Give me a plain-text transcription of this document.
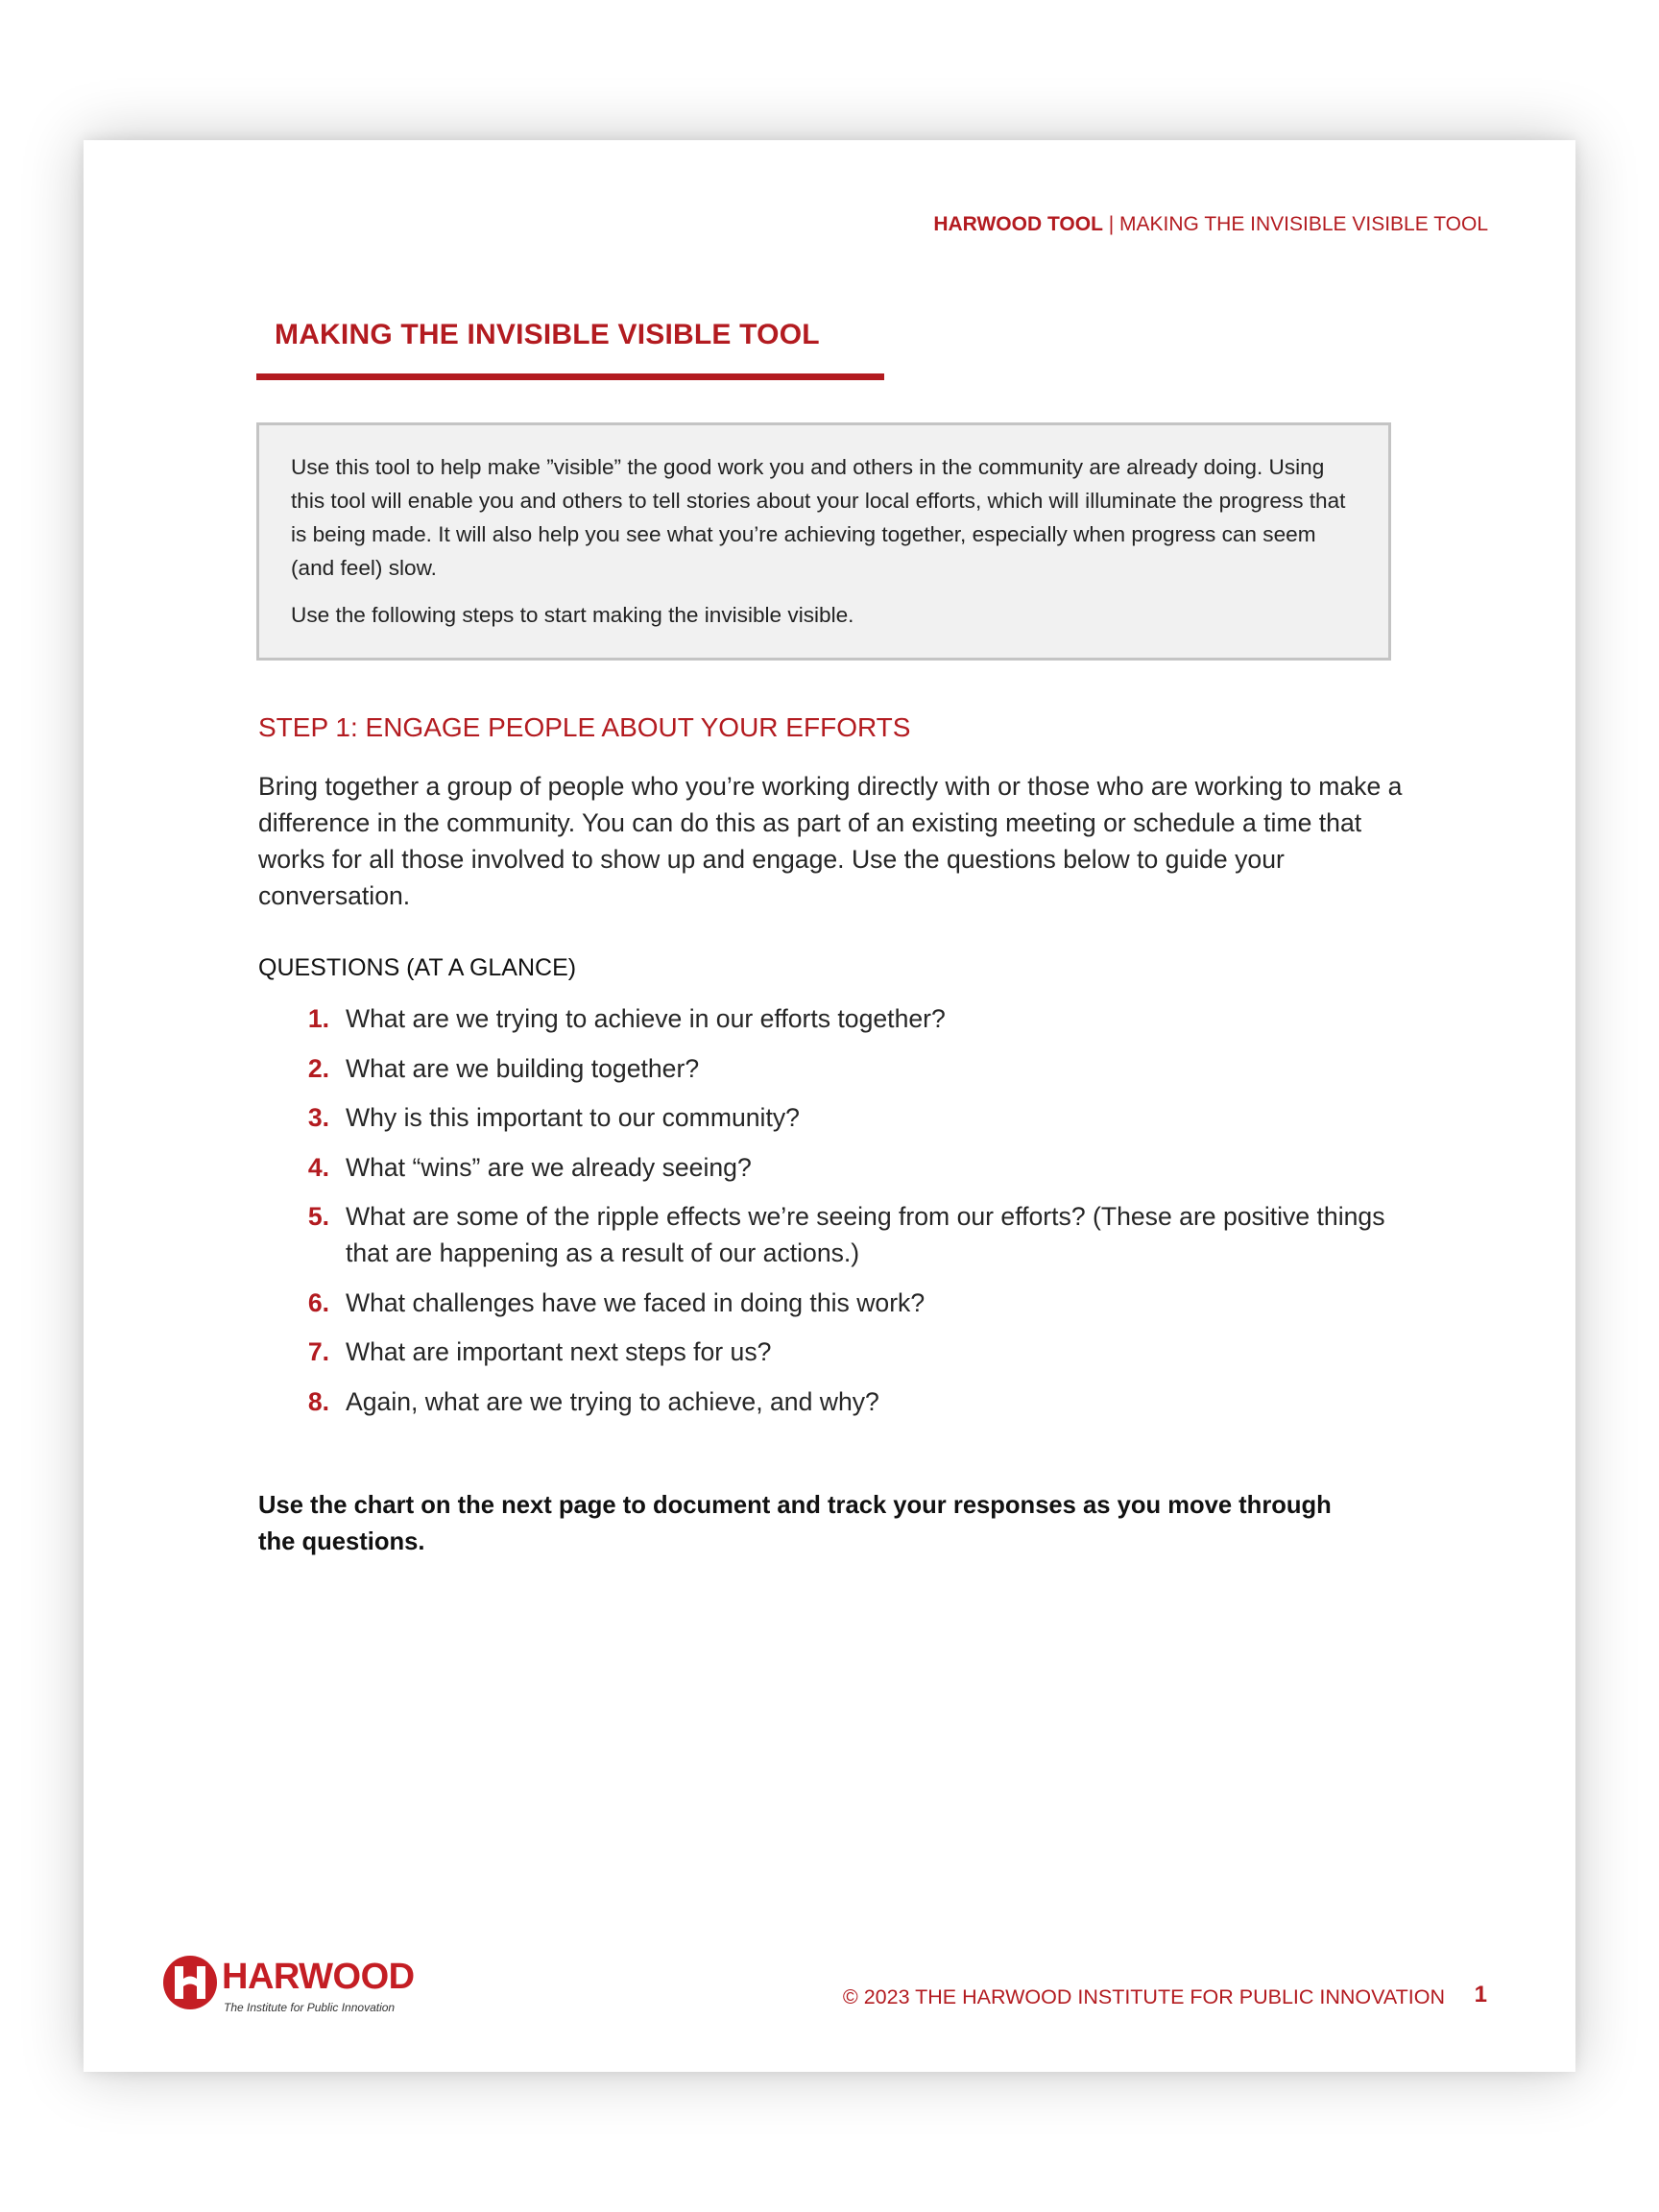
HARWOOD TOOL | MAKING THE INVISIBLE VISIBLE TOOL
MAKING THE INVISIBLE VISIBLE TOOL

Use this tool to help make ”visible” the good work you and others in the community are already doing. Using this tool will enable you and others to tell stories about your local efforts, which will illuminate the progress that is being made. It will also help you see what you’re achieving together, especially when progress can seem (and feel) slow.

Use the following steps to start making the invisible visible.

STEP 1: ENGAGE PEOPLE ABOUT YOUR EFFORTS

Bring together a group of people who you’re working directly with or those who are working to make a difference in the community. You can do this as part of an existing meeting or schedule a time that works for all those involved to show up and engage. Use the questions below to guide your conversation.

QUESTIONS (AT A GLANCE)
1. What are we trying to achieve in our efforts together?
2. What are we building together?
3. Why is this important to our community?
4. What “wins” are we already seeing?
5. What are some of the ripple effects we’re seeing from our efforts? (These are positive things that are happening as a result of our actions.)
6. What challenges have we faced in doing this work?
7. What are important next steps for us?
8. Again, what are we trying to achieve, and why?

Use the chart on the next page to document and track your responses as you move through the questions.

HARWOOD
The Institute for Public Innovation	© 2023 THE HARWOOD INSTITUTE FOR PUBLIC INNOVATION 1
